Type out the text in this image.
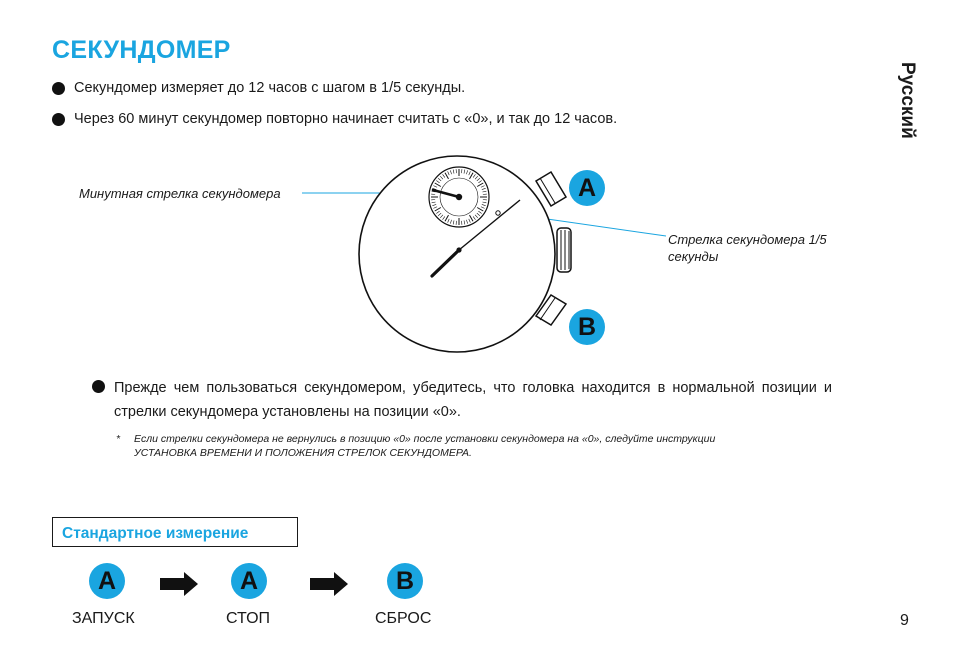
СЕКУНДОМЕР
Русский
Секундомер измеряет до 12 часов с шагом в 1/5 секунды.
Через 60 минут секундомер повторно начинает считать с «0», и так до 12 часов.
Минутная стрелка секундомера
Стрелка секундомера 1/5
секунды
A
B
Прежде чем пользоваться секундомером, убедитесь, что головка находится в нормальной позиции и стрелки секундомера установлены на позиции «0».
*	Если стрелки секундомера не вернулись в позицию «0» после установки секундомера на «0», следуйте инструкции
УСТАНОВКА ВРЕМЕНИ И ПОЛОЖЕНИЯ СТРЕЛОК СЕКУНДОМЕРА.
Стандартное измерение
A	A	B
ЗАПУСК	СТОП	СБРОС	9
